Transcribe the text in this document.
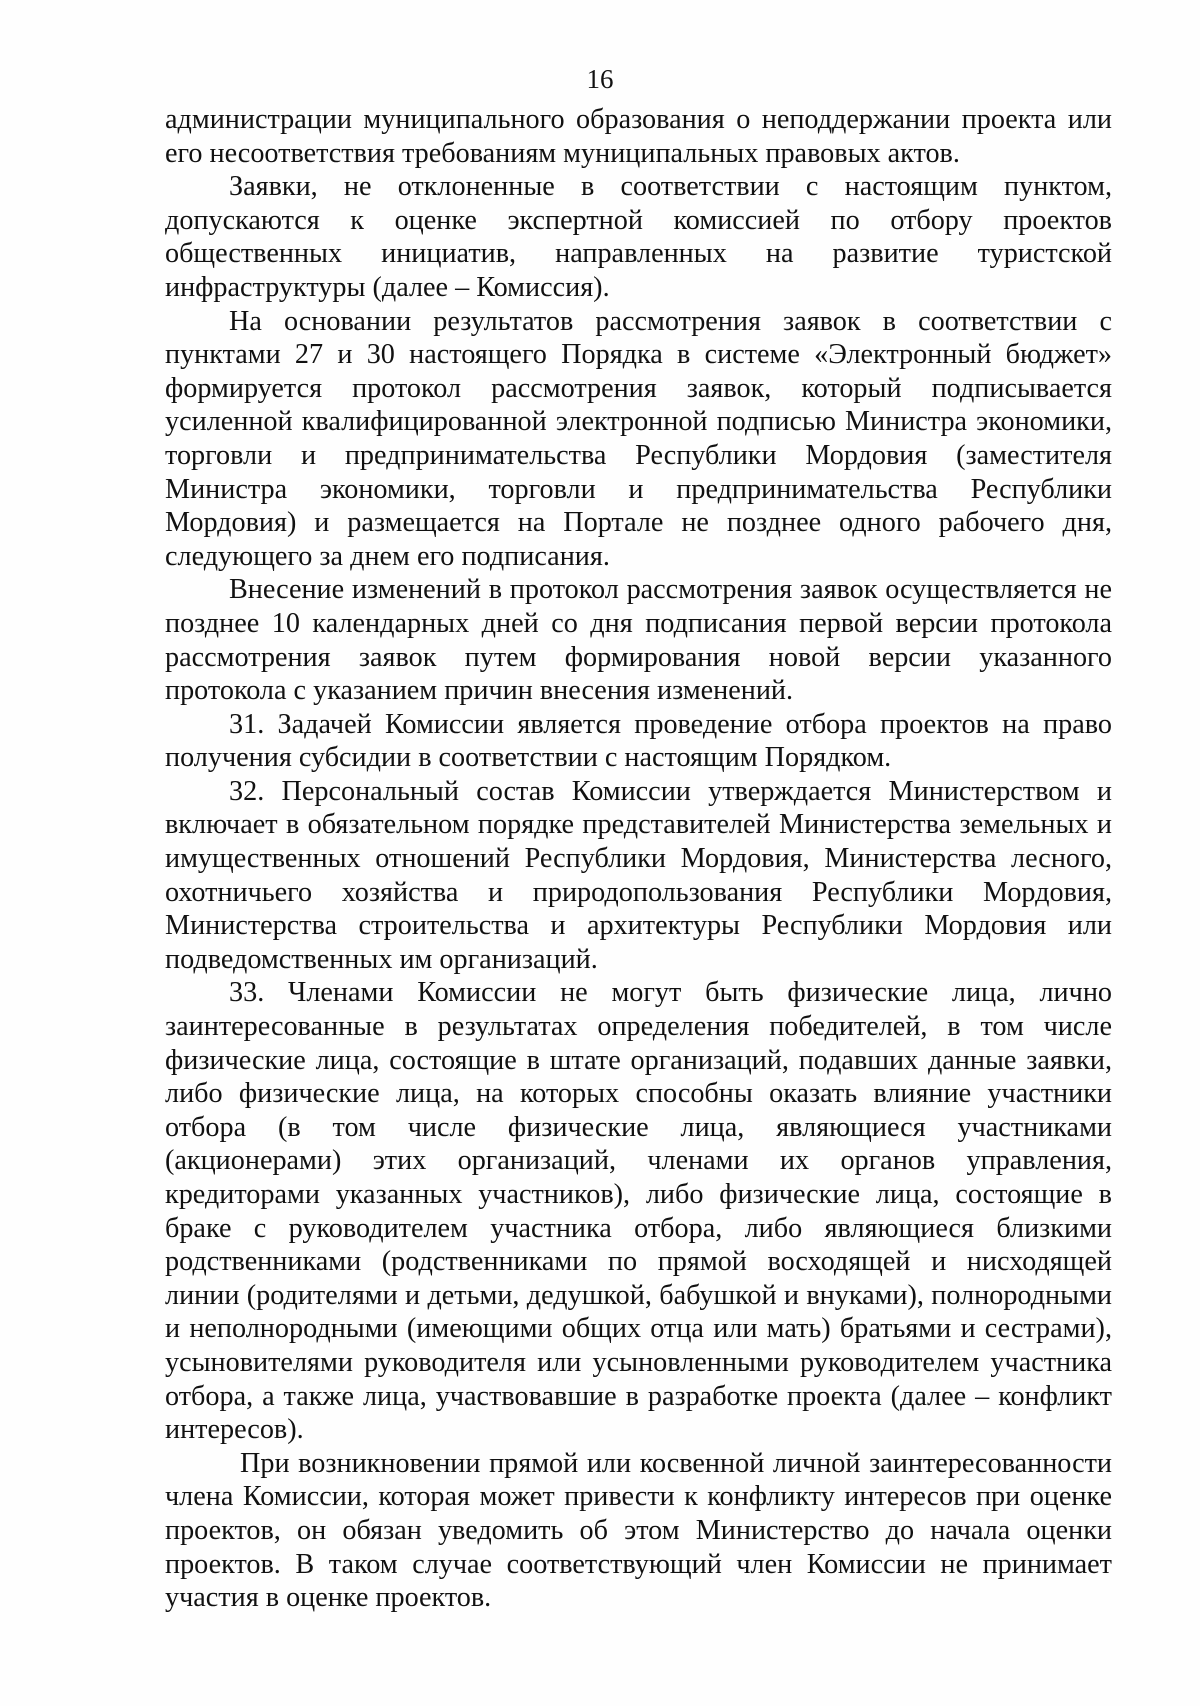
16

администрации муниципального образования о неподдержании проекта или его несоответствия требованиям муниципальных правовых актов.

Заявки, не отклоненные в соответствии с настоящим пунктом, допускаются к оценке экспертной комиссией по отбору проектов общественных инициатив, направленных на развитие туристской инфраструктуры (далее – Комиссия).

На основании результатов рассмотрения заявок в соответствии с пунктами 27 и 30 настоящего Порядка в системе «Электронный бюджет» формируется протокол рассмотрения заявок, который подписывается усиленной квалифицированной электронной подписью Министра экономики, торговли и предпринимательства Республики Мордовия (заместителя Министра экономики, торговли и предпринимательства Республики Мордовия) и размещается на Портале не позднее одного рабочего дня, следующего за днем его подписания.

Внесение изменений в протокол рассмотрения заявок осуществляется не позднее 10 календарных дней со дня подписания первой версии протокола рассмотрения заявок путем формирования новой версии указанного протокола с указанием причин внесения изменений.

31. Задачей Комиссии является проведение отбора проектов на право получения субсидии в соответствии с настоящим Порядком.

32. Персональный состав Комиссии утверждается Министерством и включает в обязательном порядке представителей Министерства земельных и имущественных отношений Республики Мордовия, Министерства лесного, охотничьего хозяйства и природопользования Республики Мордовия, Министерства строительства и архитектуры Республики Мордовия или подведомственных им организаций.

33. Членами Комиссии не могут быть физические лица, лично заинтересованные в результатах определения победителей, в том числе физические лица, состоящие в штате организаций, подавших данные заявки, либо физические лица, на которых способны оказать влияние участники отбора (в том числе физические лица, являющиеся участниками (акционерами) этих организаций, членами их органов управления, кредиторами указанных участников), либо физические лица, состоящие в браке с руководителем участника отбора, либо являющиеся близкими родственниками (родственниками по прямой восходящей и нисходящей линии (родителями и детьми, дедушкой, бабушкой и внуками), полнородными и неполнородными (имеющими общих отца или мать) братьями и сестрами), усыновителями руководителя или усыновленными руководителем участника отбора, а также лица, участвовавшие в разработке проекта (далее – конфликт интересов).

При возникновении прямой или косвенной личной заинтересованности члена Комиссии, которая может привести к конфликту интересов при оценке проектов, он обязан уведомить об этом Министерство до начала оценки проектов. В таком случае соответствующий член Комиссии не принимает участия в оценке проектов.
